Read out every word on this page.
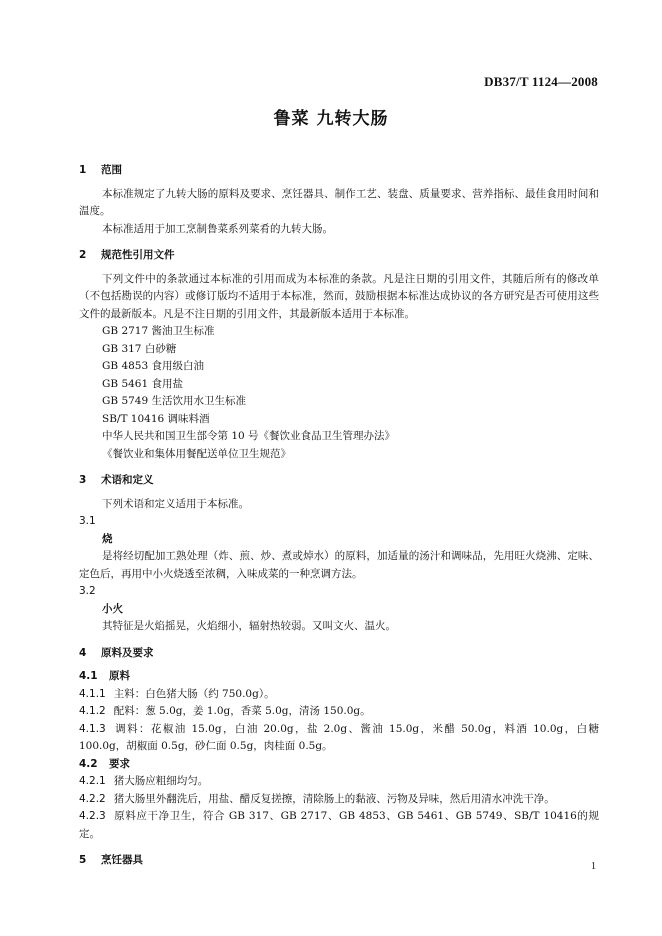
DB37/T 1124—2008
鲁菜 九转大肠

1 范围

本标准规定了九转大肠的原料及要求、烹饪器具、制作工艺、装盘、质量要求、营养指标、最佳食用时间和温度。

本标准适用于加工烹制鲁菜系列菜肴的九转大肠。

2 规范性引用文件

下列文件中的条款通过本标准的引用而成为本标准的条款。凡是注日期的引用文件，其随后所有的修改单（不包括勘误的内容）或修订版均不适用于本标准，然而，鼓励根据本标准达成协议的各方研究是否可使用这些文件的最新版本。凡是不注日期的引用文件，其最新版本适用于本标准。

GB 2717 酱油卫生标准

GB 317 白砂糖

GB 4853 食用级白油

GB 5461 食用盐

GB 5749 生活饮用水卫生标准

SB/T 10416 调味料酒

中华人民共和国卫生部令第 10 号《餐饮业食品卫生管理办法》

《餐饮业和集体用餐配送单位卫生规范》

3 术语和定义

下列术语和定义适用于本标准。

3.1

烧

是将经切配加工熟处理（炸、煎、炒、煮或焯水）的原料，加适量的汤汁和调味品，先用旺火烧沸、定味、定色后，再用中小火烧透至浓稠，入味成菜的一种烹调方法。

3.2

小火

其特征是火焰摇晃，火焰细小，辐射热较弱。又叫文火、温火。

4 原料及要求

4.1 原料

4.1.1 主料：白色猪大肠（约 750.0g）。

4.1.2 配料：葱 5.0g，姜 1.0g，香菜 5.0g，清汤 150.0g。

4.1.3 调料：花椒油 15.0g，白油 20.0g，盐 2.0g、酱油 15.0g，米醋 50.0g，料酒 10.0g，白糖 100.0g，胡椒面 0.5g，砂仁面 0.5g，肉桂面 0.5g。

4.2 要求

4.2.1 猪大肠应粗细均匀。

4.2.2 猪大肠里外翻洗后，用盐、醋反复搓擦，清除肠上的黏液、污物及异味，然后用清水冲洗干净。

4.2.3 原料应干净卫生，符合 GB 317、GB 2717、GB 4853、GB 5461、GB 5749、SB/T 10416的规定。

5 烹饪器具

1
